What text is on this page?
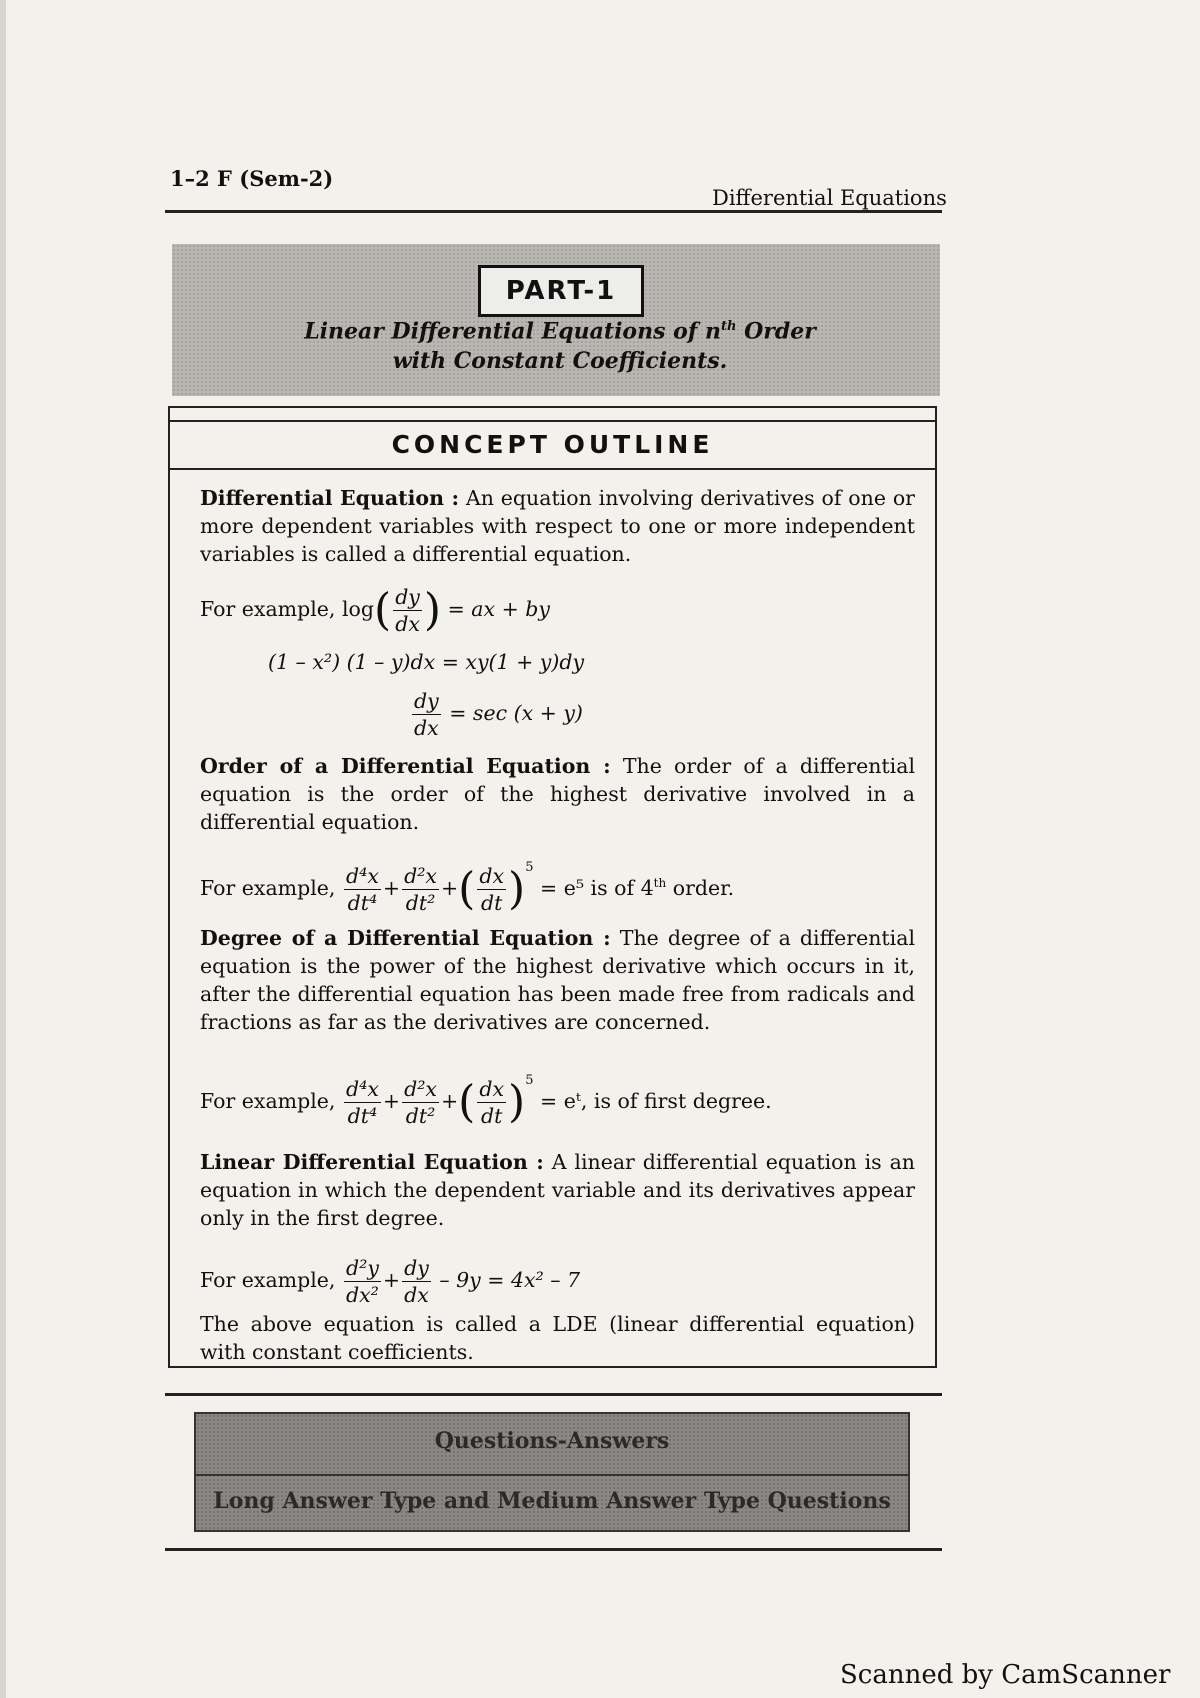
1–2 F (Sem-2)
Differential Equations
PART-1
Linear Differential Equations of $n^{th}$ Order
with Constant Coefficients.
CONCEPT OUTLINE
Differential Equation : An equation involving derivatives of one or more dependent variables with respect to one or more independent variables is called a differential equation.
For example, $\log( \frac{dy}{dx}$ ) = ax + by
(1 – x²) (1 – y)dx = xy(1 + y)dy
$\frac{dy}{dx} = \sec (x + y)$
Order of a Differential Equation : The order of a differential equation is the order of the highest derivative involved in a differential equation.
For example, $\frac{\text{d⁴x}}{\text{dt⁴}} + \frac{\text{d²x}}{\text{dt²}}$ +( $\frac{dx}{dt} )^5 = e^5$ is of 4th order.
Degree of a Differential Equation : The degree of a differential equation is the power of the highest derivative which occurs in it, after the differential equation has been made free from radicals and fractions as far as the derivatives are concerned.
For example, $\frac{\text{d⁴x}}{\text{dt⁴}} + \frac{\text{d²x}}{\text{dt²}}$ +( $\frac{dx}{dt} )^5$ = eᵗ, is of first degree.
Linear Differential Equation : A linear differential equation is an equation in which the dependent variable and its derivatives appear only in the first degree.
For example, $\frac{\text{d²y}}{\text{dx²}} + \frac{dy}{dx} - 9y = 4x^2 - 7$
The above equation is called a LDE (linear differential equation) with constant coefficients.
Questions-Answers
Long Answer Type and Medium Answer Type Questions
Scanned by CamScanner
